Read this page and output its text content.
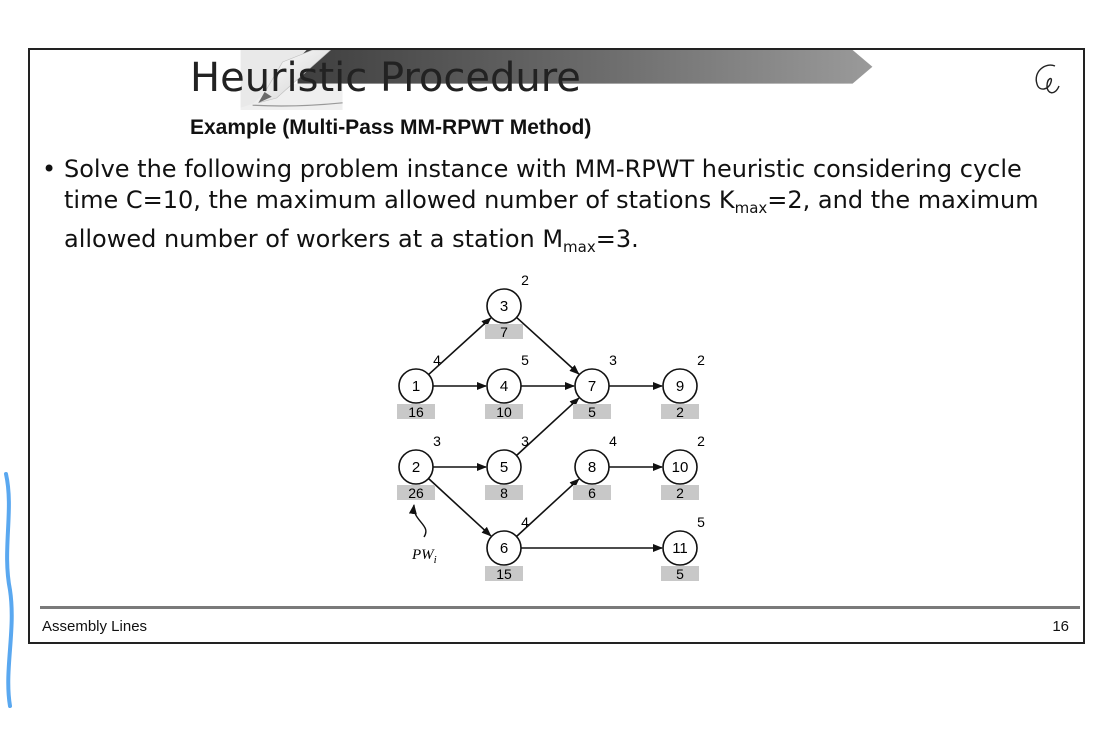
Heuristic Procedure
Example (Multi-Pass MM-RPWT Method)
• Solve the following problem instance with MM-RPWT heuristic considering cycle time C=10, the maximum allowed number of stations $K_{max}=2$, and the maximum allowed number of workers at a station $M_{max}=3$.
1
4
16
2
3
26
3
2
7
4
5
10
5
3
8
6
4
15
7
3
5
8
4
6
9
2
2
10
2
2
11
5
5
$PW_i$
Assembly Lines	16
